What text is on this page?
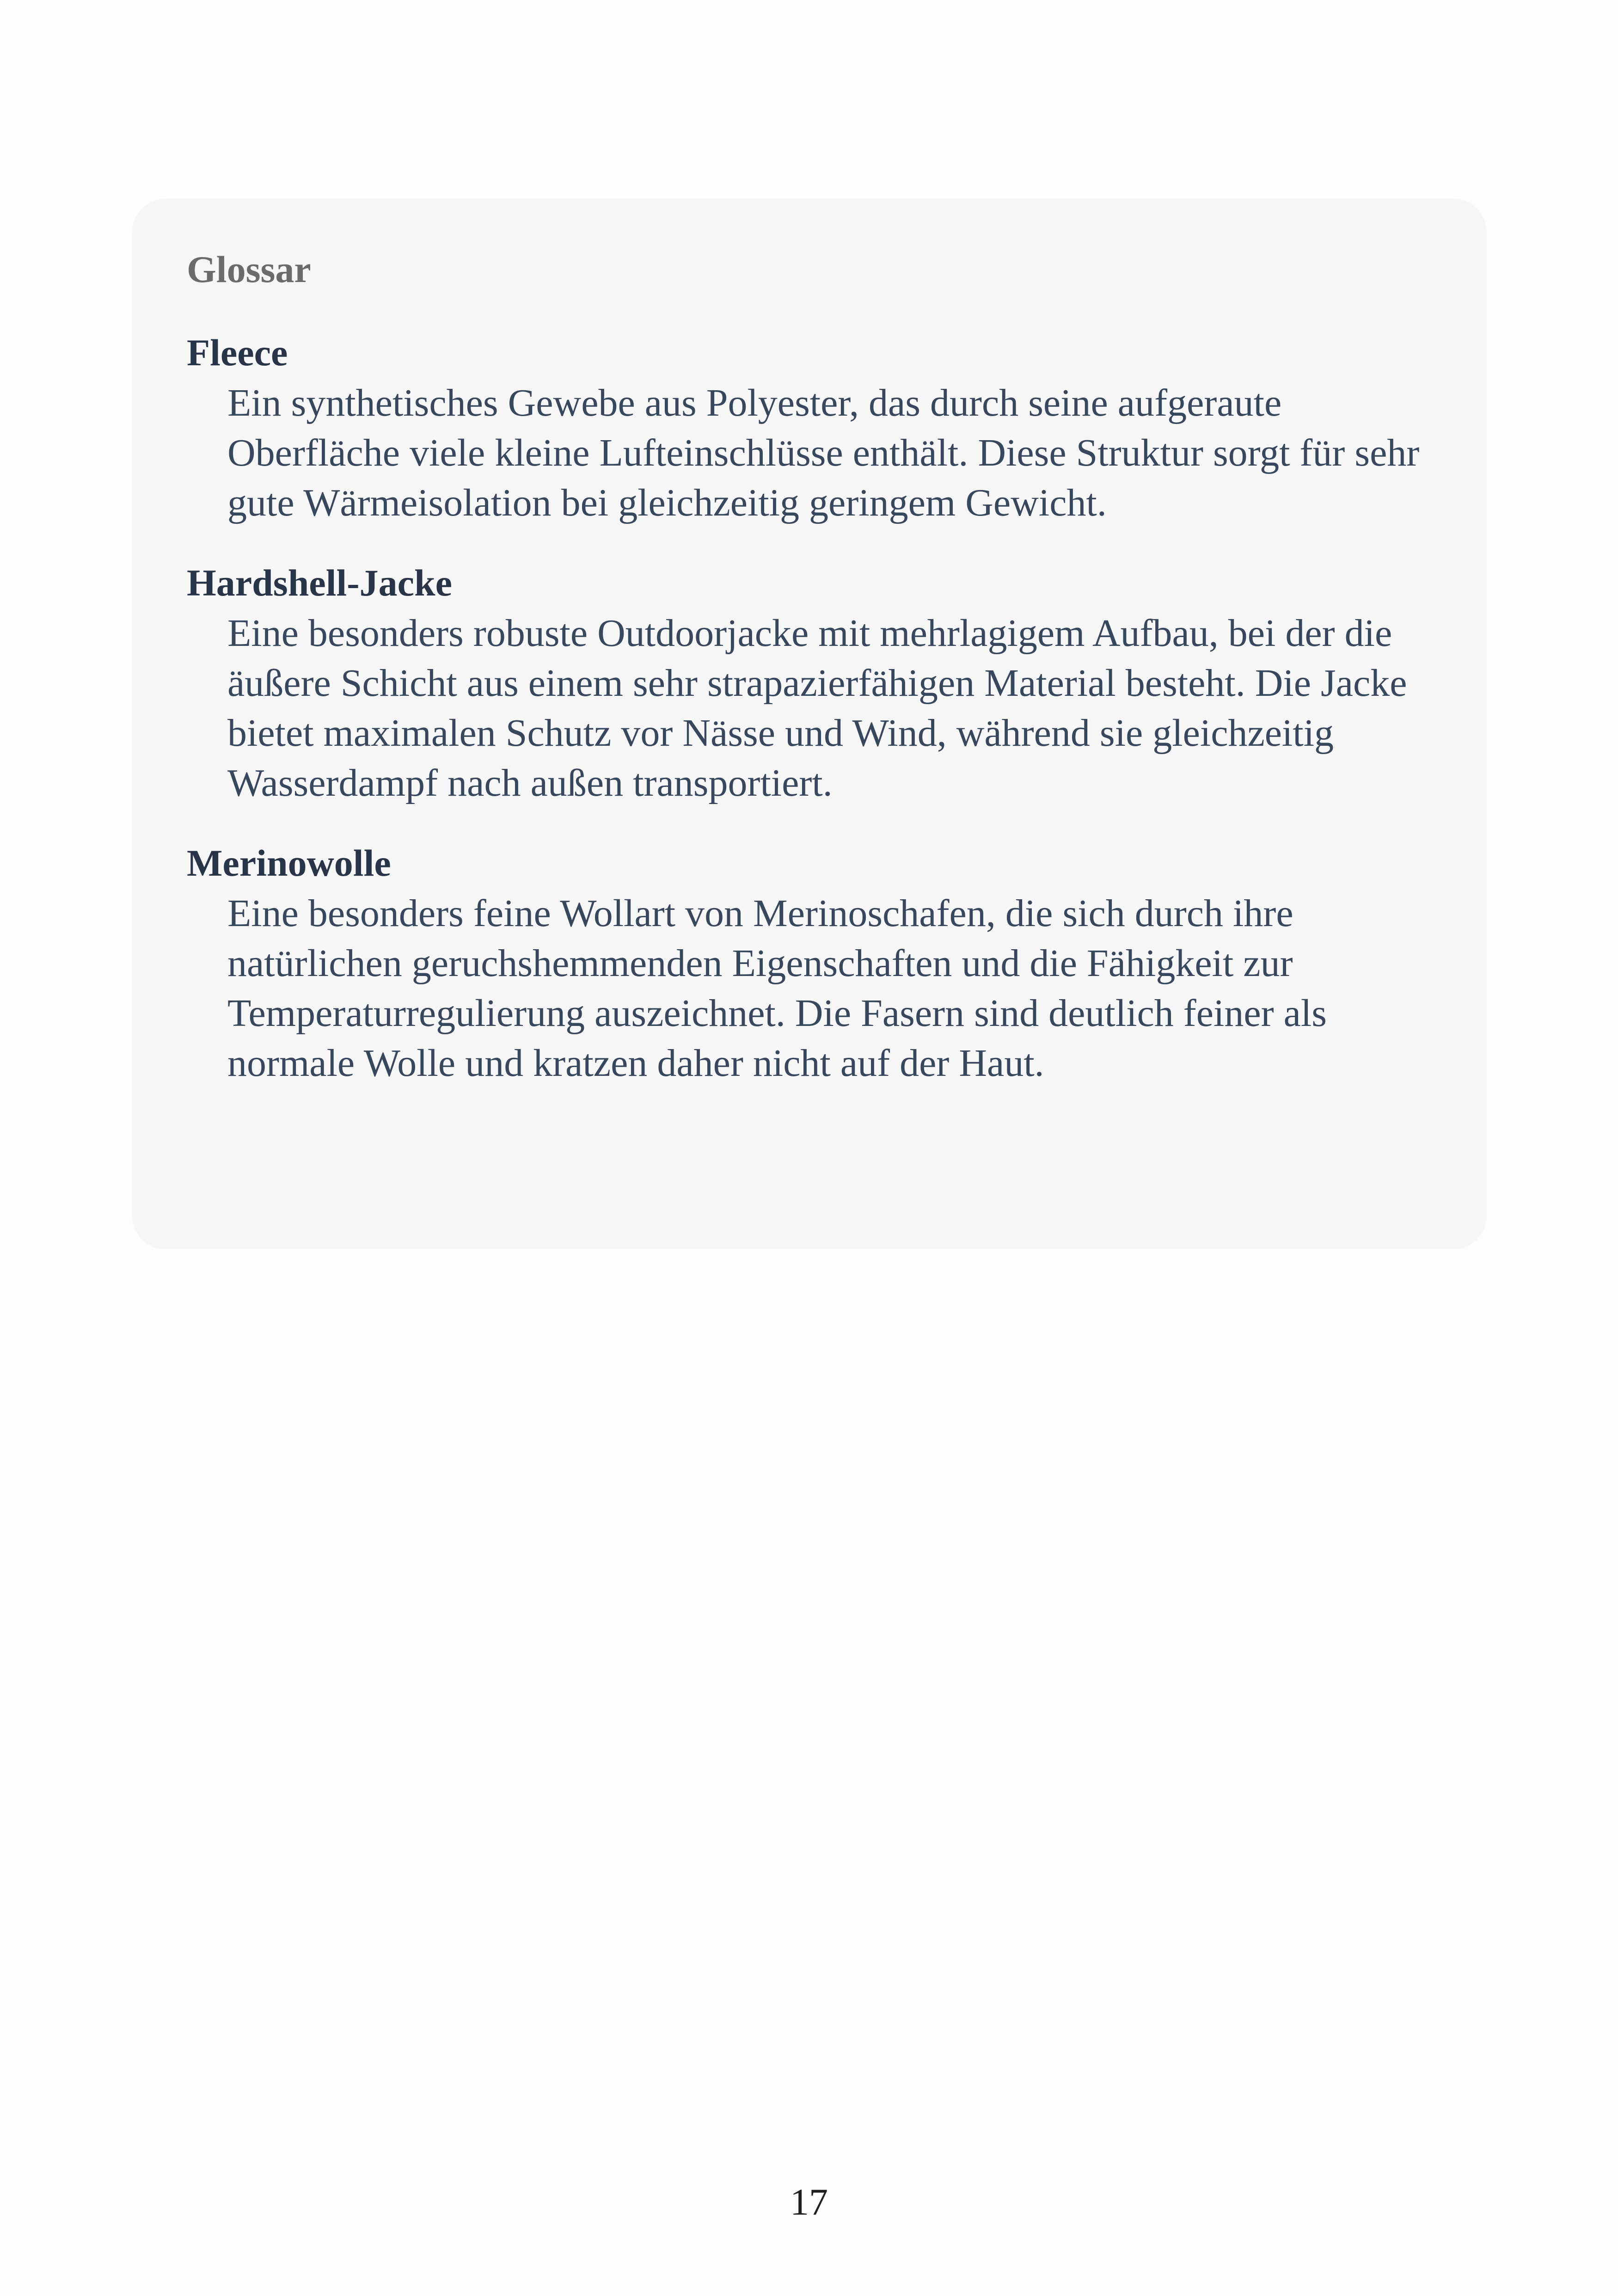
Glossar
Fleece
Ein synthetisches Gewebe aus Polyester, das durch seine aufgeraute Oberfläche viele kleine Lufteinschlüsse enthält. Diese Struktur sorgt für sehr gute Wärmeisolation bei gleichzeitig geringem Gewicht.
Hardshell-Jacke
Eine besonders robuste Outdoorjacke mit mehrlagigem Aufbau, bei der die äußere Schicht aus einem sehr strapazierfähigen Material besteht. Die Jacke bietet maximalen Schutz vor Nässe und Wind, während sie gleichzeitig Wasserdampf nach außen transportiert.
Merinowolle
Eine besonders feine Wollart von Merinoschafen, die sich durch ihre natürlichen geruchshemmenden Eigenschaften und die Fähigkeit zur Temperaturregulierung auszeichnet. Die Fasern sind deutlich feiner als normale Wolle und kratzen daher nicht auf der Haut.
17
